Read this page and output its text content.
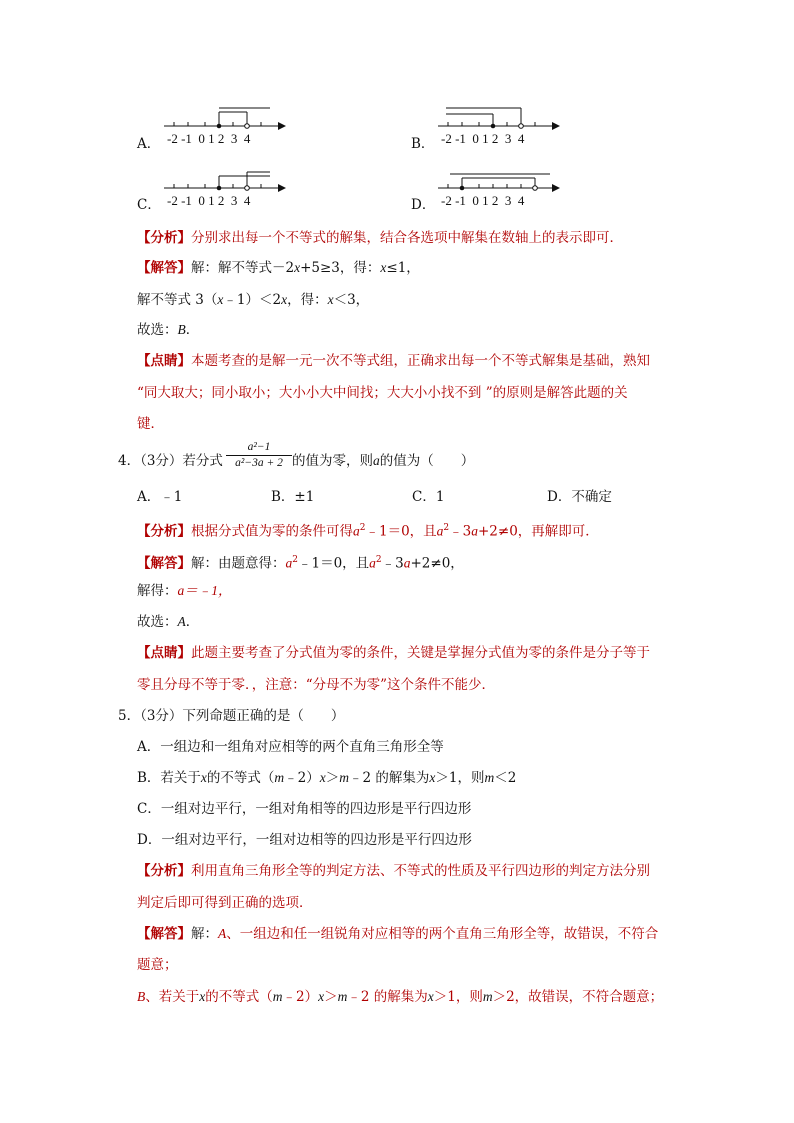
A．	B．
C．	D．
-2 -1  0 1 2  3  4	-2 -1  0 1 2  3  4
-2 -1  0 1 2  3  4	-2 -1  0 1 2  3  4
【分析】分别求出每一个不等式的解集，结合各选项中解集在数轴上的表示即可．
【解答】解：解不等式－2x+5≥3，得：x≤1，
解不等式 3（x﹣1）＜2x，得：x＜3，
故选：B．
【点睛】本题考查的是解一元一次不等式组，正确求出每一个不等式解集是基础，熟知
“同大取大；同小取小；大小小大中间找；大大小小找不到 ”的原则是解答此题的关
键．
4．（3分）若分式
a²−1
a²−3a + 2 的值为零，则a的值为（　　）
A．﹣1	B．±1	C．1	D．不确定
【分析】根据分式值为零的条件可得$a^2﹣1=0$，且$a^2﹣3a+2\ne 0$，再解即可．
【解答】解：由题意得：$a^2﹣1=0$，且$a^2﹣3a+2\ne 0$，
解得：a＝﹣1，
故选：A．
【点睛】此题主要考查了分式值为零的条件，关键是掌握分式值为零的条件是分子等于
零且分母不等于零．，注意：“分母不为零”这个条件不能少．
5．（3分）下列命题正确的是（　　）
A．一组边和一组角对应相等的两个直角三角形全等
B．若关于x的不等式（m﹣2）x＞m﹣2 的解集为x＞1，则m＜2
C．一组对边平行，一组对角相等的四边形是平行四边形
D．一组对边平行，一组对边相等的四边形是平行四边形
【分析】利用直角三角形全等的判定方法、不等式的性质及平行四边形的判定方法分别
判定后即可得到正确的选项．
【解答】解：A、一组边和任一组锐角对应相等的两个直角三角形全等，故错误，不符合
题意；
B、若关于x的不等式（m﹣2）x＞m﹣2 的解集为x＞1，则m＞2，故错误，不符合题意；
